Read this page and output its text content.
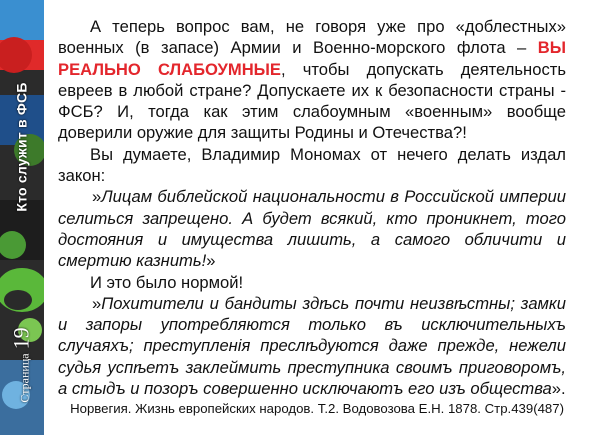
Кто служит в ФСБ
Страница
19

А теперь вопрос вам, не говоря уже про «доблестных» военных (в запасе) Армии и Военно-морского флота – ВЫ РЕАЛЬНО СЛАБОУМНЫЕ, чтобы допускать деятельность евреев в любой стране? Допускаете их к безопасности страны - ФСБ? И, тогда как этим слабоумным «военным» вообще доверили оружие для защиты Родины и Отечества?!

Вы думаете, Владимир Мономах от нечего делать издал закон:

»Лицам библейской национальности в Российской империи селиться запрещено. А будет всякий, кто проникнет, того достояния и имущества лишить, а самого обличити и смертию казнить!»

И это было нормой!

»Похитители и бандиты здѣсь почти неизвѣстны; замки и запоры употребляются только въ исключительныхъ случаяхъ; преступленія преслѣдуются даже прежде, нежели судья успѣетъ заклеймить преступника своимъ приговоромъ, а стыдъ и позоръ совершенно исключаютъ его изъ общества».

Норвегия. Жизнь европейских народов. Т.2. Водовозова Е.Н. 1878. Стр.439(487)
